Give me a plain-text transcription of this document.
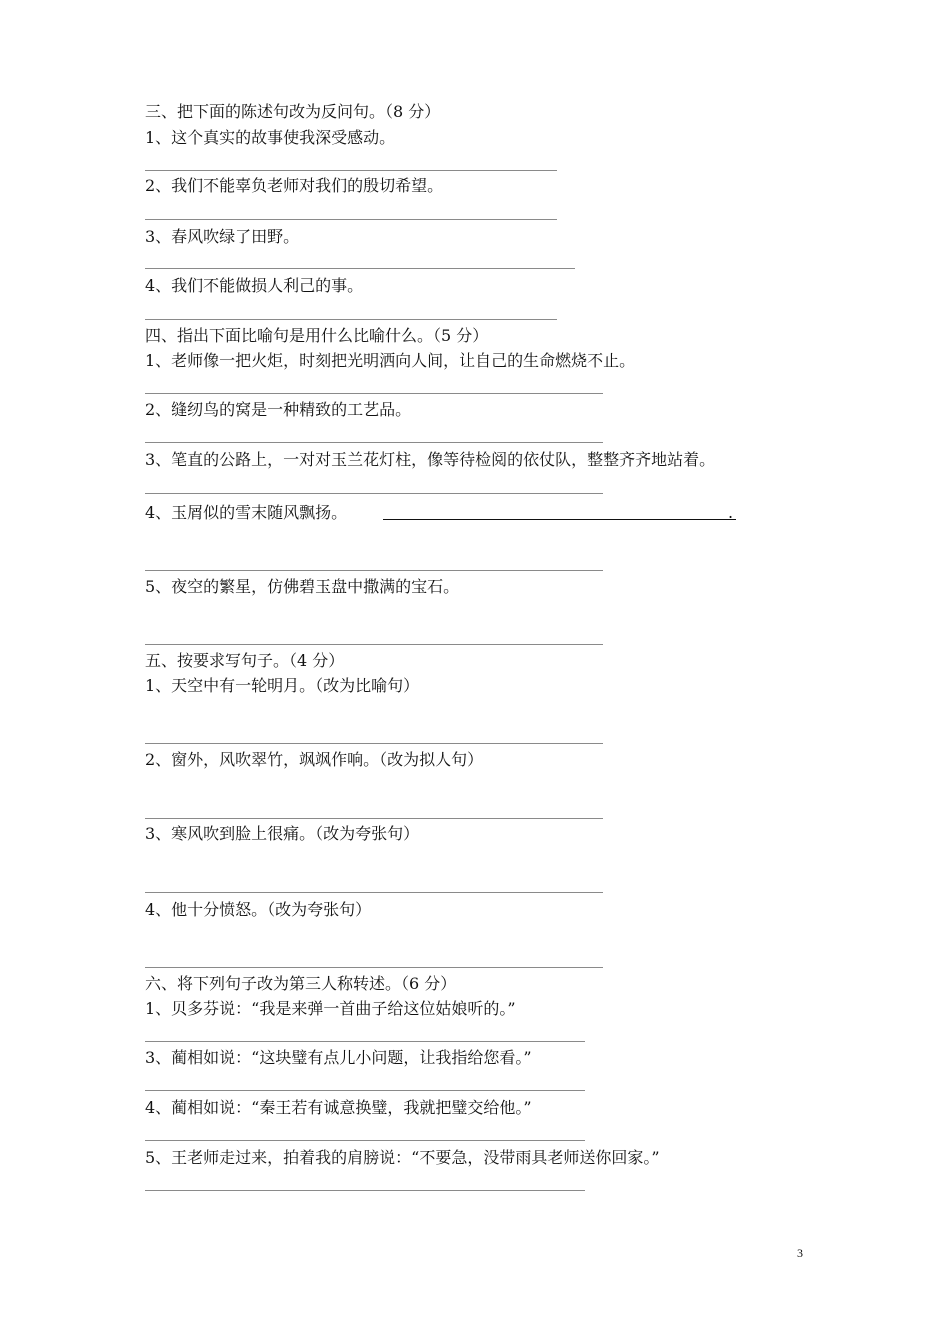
三、把下面的陈述句改为反问句。（8 分）
1、这个真实的故事使我深受感动。
2、我们不能辜负老师对我们的殷切希望。
3、春风吹绿了田野。
4、我们不能做损人利己的事。
四、指出下面比喻句是用什么比喻什么。（5 分）
1、老师像一把火炬，时刻把光明洒向人间，让自己的生命燃烧不止。
2、缝纫鸟的窝是一种精致的工艺品。
3、笔直的公路上，一对对玉兰花灯柱，像等待检阅的依仗队，整整齐齐地站着。
4、玉屑似的雪末随风飘扬。	.
5、夜空的繁星，仿佛碧玉盘中撒满的宝石。
五、按要求写句子。（4 分）
1、天空中有一轮明月。（改为比喻句）
2、窗外，风吹翠竹，飒飒作响。（改为拟人句）
3、寒风吹到脸上很痛。（改为夸张句）
4、他十分愤怒。（改为夸张句）
六、将下列句子改为第三人称转述。（6 分）
1、贝多芬说：“我是来弹一首曲子给这位姑娘听的。”
3、蔺相如说：“这块璧有点儿小问题，让我指给您看。”
4、蔺相如说：“秦王若有诚意换璧，我就把璧交给他。”
5、王老师走过来，拍着我的肩膀说：“不要急，没带雨具老师送你回家。”
3
